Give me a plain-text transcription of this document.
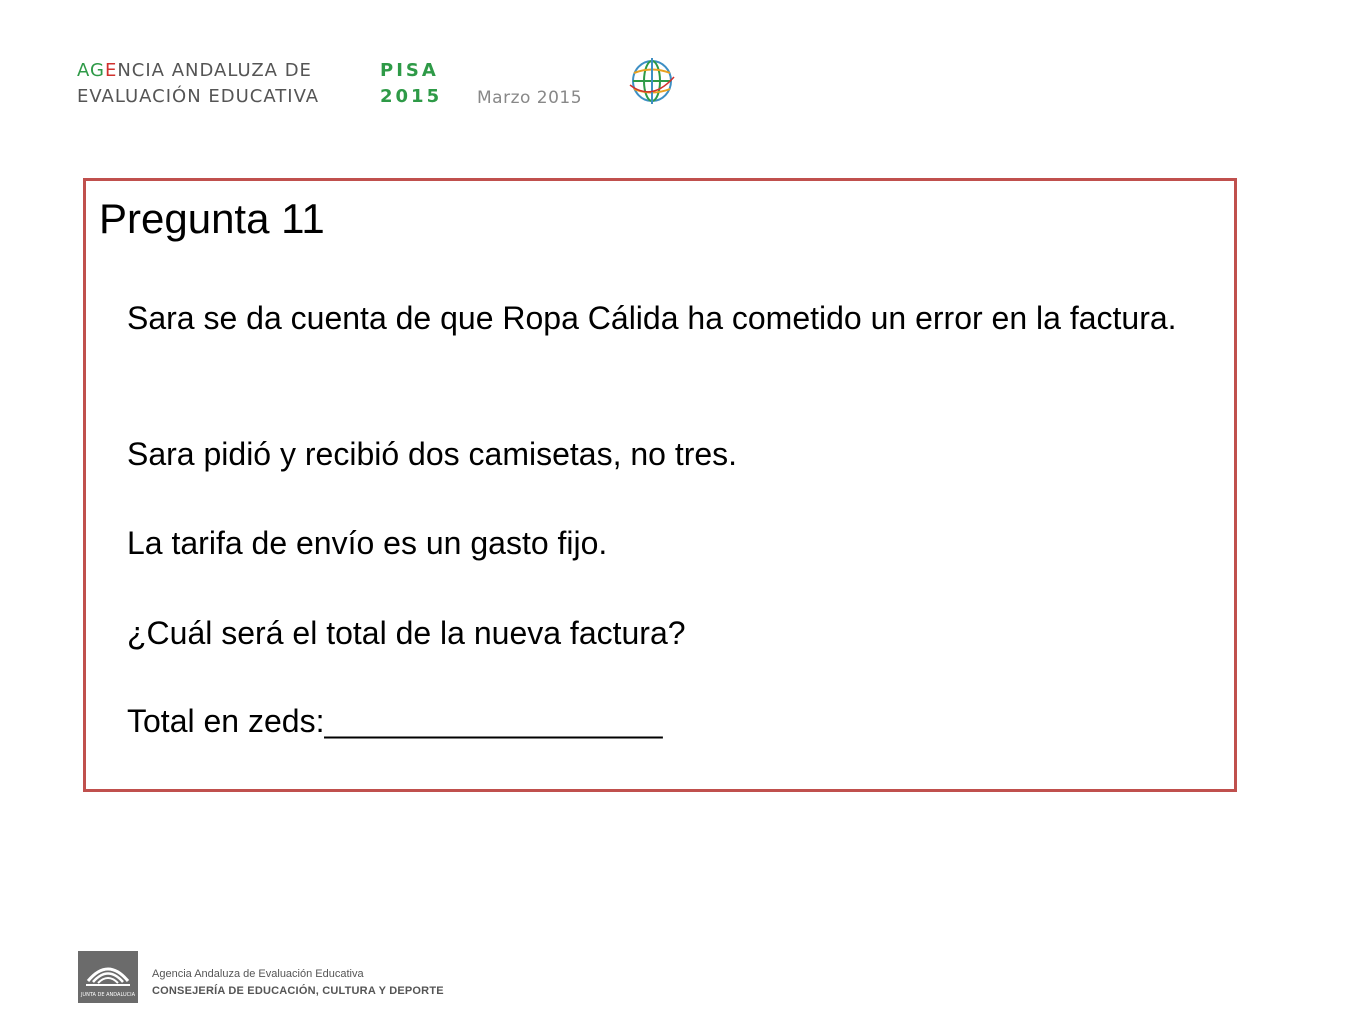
AGENCIA ANDALUZA DE
EVALUACIÓN EDUCATIVA
PISA
2015 Marzo 2015
Pregunta 11
Sara se da cuenta de que Ropa Cálida ha cometido un error en la factura.
Sara pidió y recibió dos camisetas, no tres.
La tarifa de envío es un gasto fijo.
¿Cuál será el total de la nueva factura?
Total en zeds:___________________
JUNTA DE ANDALUCIA
Agencia Andaluza de Evaluación Educativa
CONSEJERÍA DE EDUCACIÓN, CULTURA Y DEPORTE
